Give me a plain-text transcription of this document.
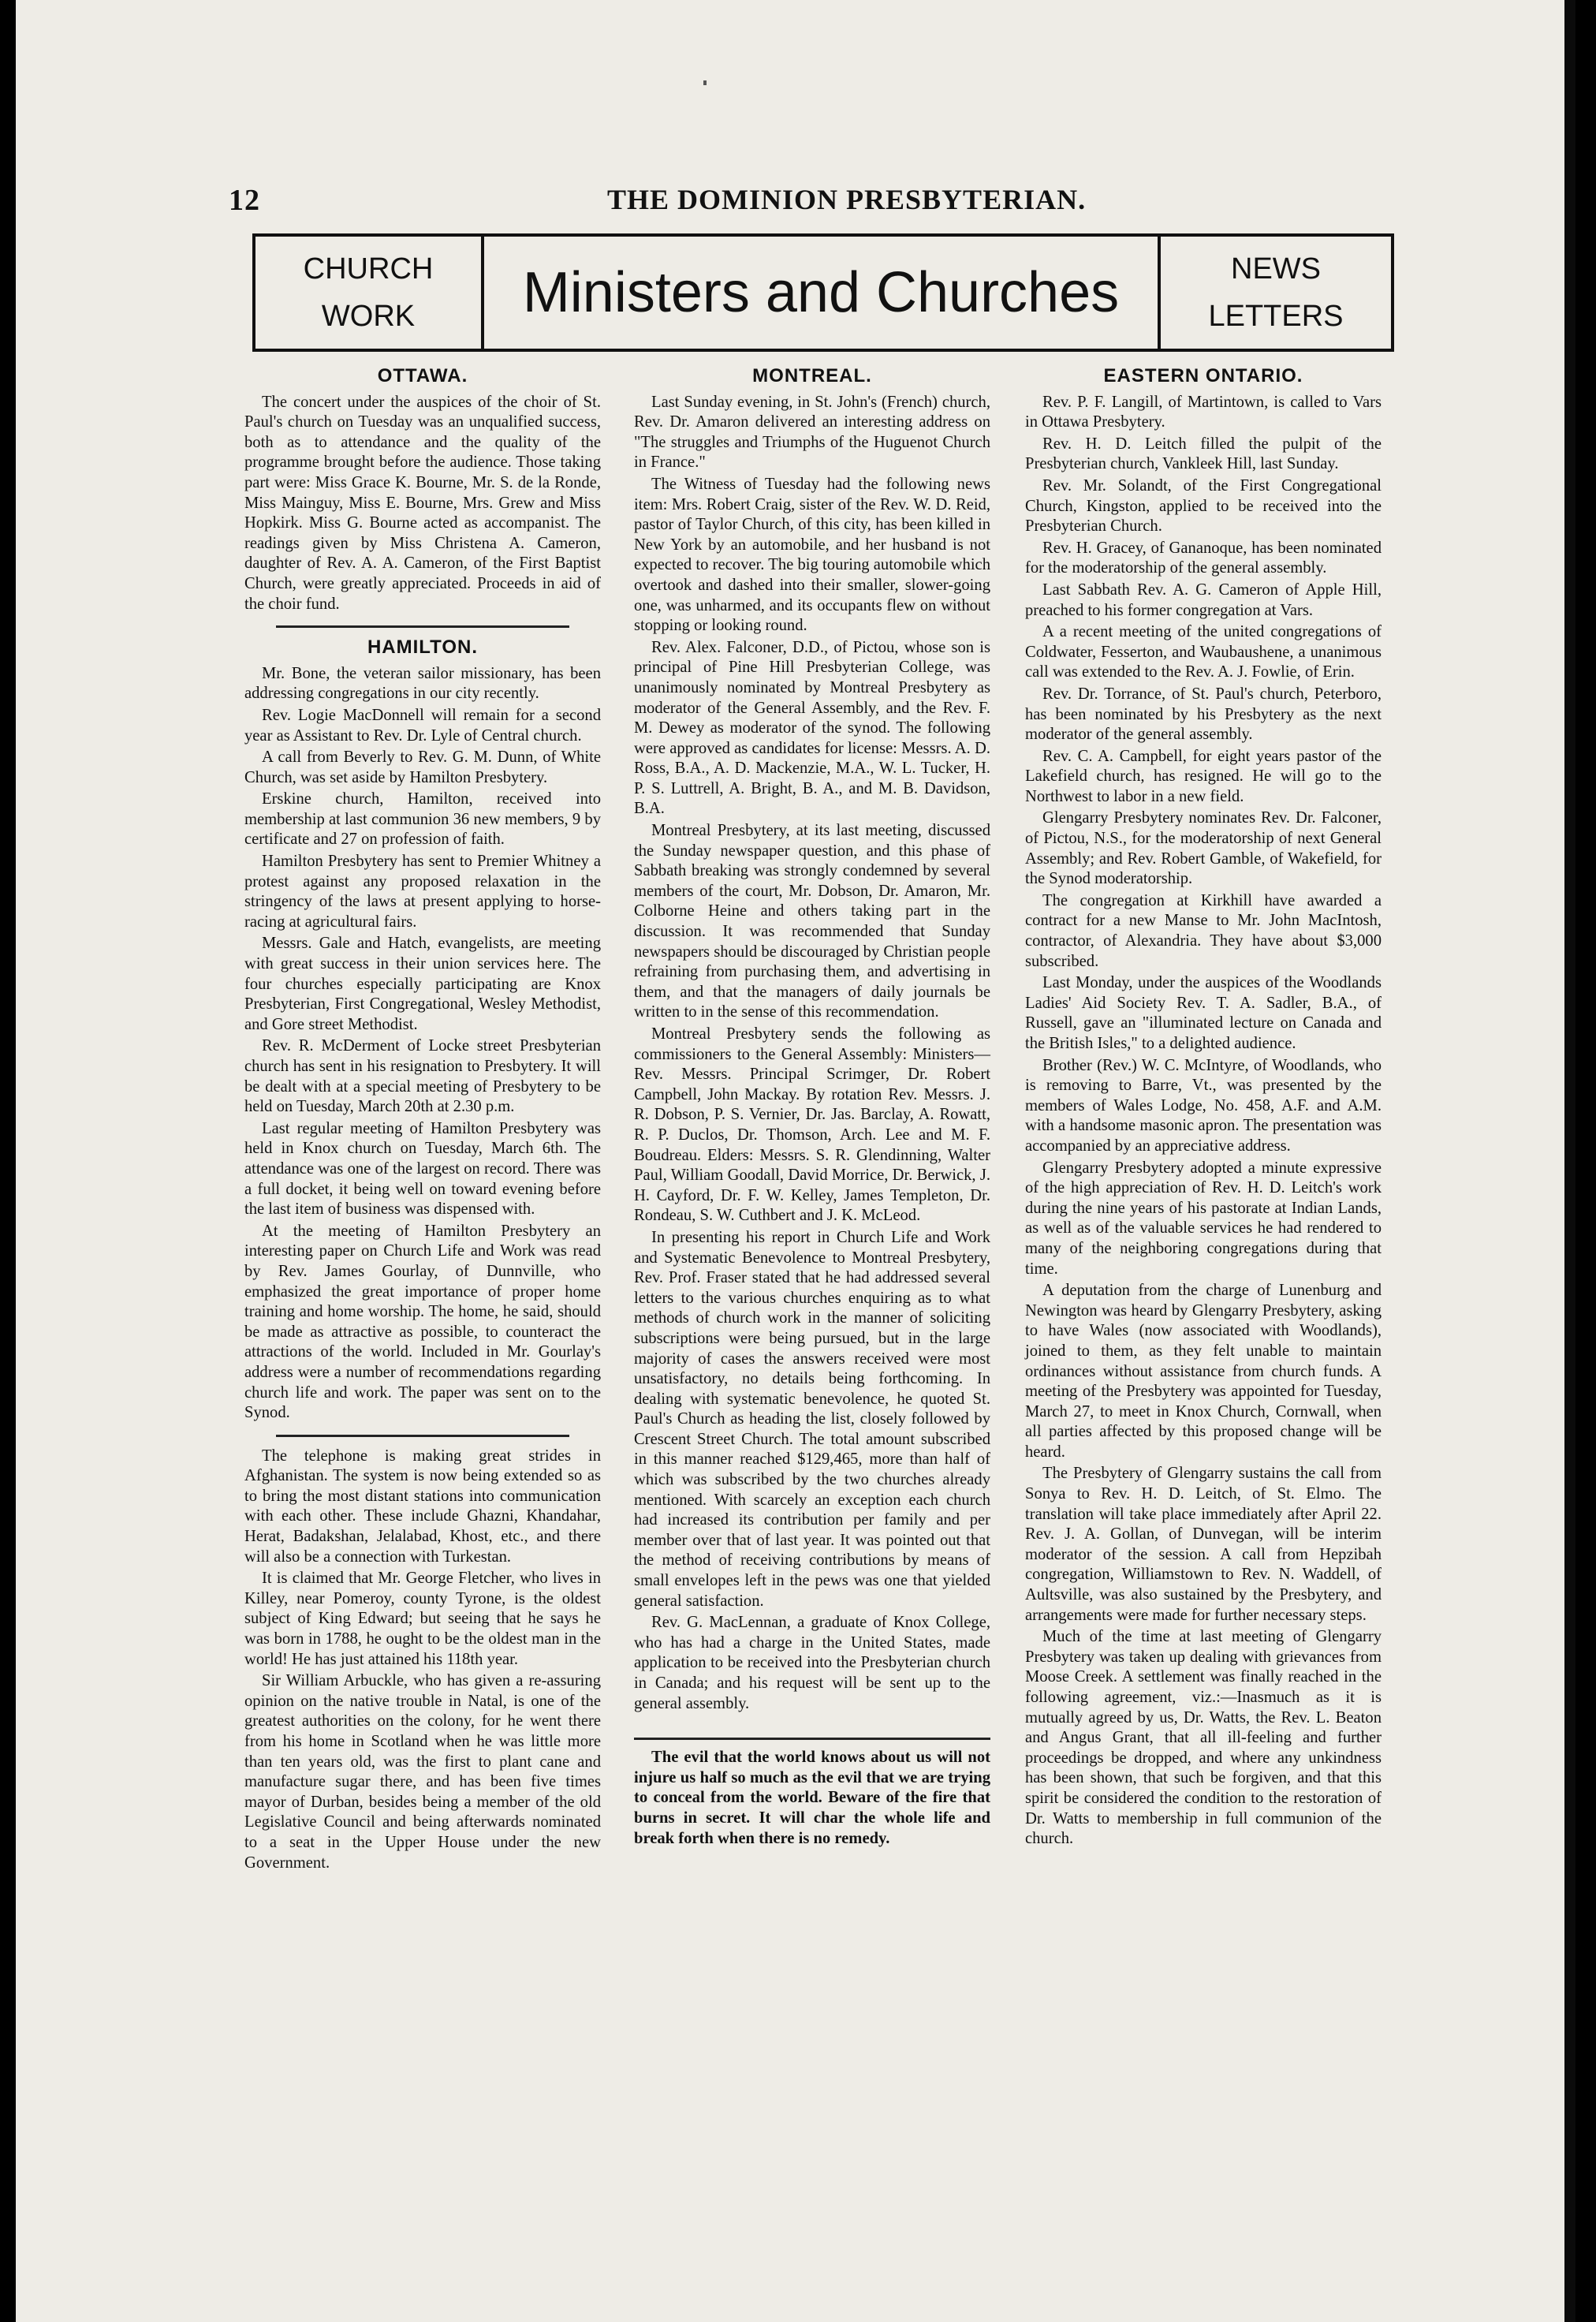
12	THE DOMINION PRESBYTERIAN.
CHURCH
WORK	Ministers and Churches	NEWS
LETTERS
OTTAWA.

The concert under the auspices of the choir of St. Paul's church on Tuesday was an unqualified success, both as to attendance and the quality of the programme brought before the audience. Those taking part were: Miss Grace K. Bourne, Mr. S. de la Ronde, Miss Mainguy, Miss E. Bourne, Mrs. Grew and Miss Hopkirk. Miss G. Bourne acted as accompanist. The readings given by Miss Christena A. Cameron, daughter of Rev. A. A. Cameron, of the First Baptist Church, were greatly appreciated. Proceeds in aid of the choir fund.

HAMILTON.

Mr. Bone, the veteran sailor missionary, has been addressing congregations in our city recently.

Rev. Logie MacDonnell will remain for a second year as Assistant to Rev. Dr. Lyle of Central church.

A call from Beverly to Rev. G. M. Dunn, of White Church, was set aside by Hamilton Presbytery.

Erskine church, Hamilton, received into membership at last communion 36 new members, 9 by certificate and 27 on profession of faith.

Hamilton Presbytery has sent to Premier Whitney a protest against any proposed relaxation in the stringency of the laws at present applying to horse-racing at agricultural fairs.

Messrs. Gale and Hatch, evangelists, are meeting with great success in their union services here. The four churches especially participating are Knox Presbyterian, First Congregational, Wesley Methodist, and Gore street Methodist.

Rev. R. McDerment of Locke street Presbyterian church has sent in his resignation to Presbytery. It will be dealt with at a special meeting of Presbytery to be held on Tuesday, March 20th at 2.30 p.m.

Last regular meeting of Hamilton Presbytery was held in Knox church on Tuesday, March 6th. The attendance was one of the largest on record. There was a full docket, it being well on toward evening before the last item of business was dispensed with.

At the meeting of Hamilton Presbytery an interesting paper on Church Life and Work was read by Rev. James Gourlay, of Dunnville, who emphasized the great importance of proper home training and home worship. The home, he said, should be made as attractive as possible, to counteract the attractions of the world. Included in Mr. Gourlay's address were a number of recommendations regarding church life and work. The paper was sent on to the Synod.

The telephone is making great strides in Afghanistan. The system is now being extended so as to bring the most distant stations into communication with each other. These include Ghazni, Khandahar, Herat, Badakshan, Jelalabad, Khost, etc., and there will also be a connection with Turkestan.

It is claimed that Mr. George Fletcher, who lives in Killey, near Pomeroy, county Tyrone, is the oldest subject of King Edward; but seeing that he says he was born in 1788, he ought to be the oldest man in the world! He has just attained his 118th year.

Sir William Arbuckle, who has given a re-assuring opinion on the native trouble in Natal, is one of the greatest authorities on the colony, for he went there from his home in Scotland when he was little more than ten years old, was the first to plant cane and manufacture sugar there, and has been five times mayor of Durban, besides being a member of the old Legislative Council and being afterwards nominated to a seat in the Upper House under the new Government.

MONTREAL.

Last Sunday evening, in St. John's (French) church, Rev. Dr. Amaron delivered an interesting address on "The struggles and Triumphs of the Huguenot Church in France."

The Witness of Tuesday had the following news item: Mrs. Robert Craig, sister of the Rev. W. D. Reid, pastor of Taylor Church, of this city, has been killed in New York by an automobile, and her husband is not expected to recover. The big touring automobile which overtook and dashed into their smaller, slower-going one, was unharmed, and its occupants flew on without stopping or looking round.

Rev. Alex. Falconer, D.D., of Pictou, whose son is principal of Pine Hill Presbyterian College, was unanimously nominated by Montreal Presbytery as moderator of the General Assembly, and the Rev. F. M. Dewey as moderator of the synod. The following were approved as candidates for license: Messrs. A. D. Ross, B.A., A. D. Mackenzie, M.A., W. L. Tucker, H. P. S. Luttrell, A. Bright, B. A., and M. B. Davidson, B.A.

Montreal Presbytery, at its last meeting, discussed the Sunday newspaper question, and this phase of Sabbath breaking was strongly condemned by several members of the court, Mr. Dobson, Dr. Amaron, Mr. Colborne Heine and others taking part in the discussion. It was recommended that Sunday newspapers should be discouraged by Christian people refraining from purchasing them, and advertising in them, and that the managers of daily journals be written to in the sense of this recommendation.

Montreal Presbytery sends the following as commissioners to the General Assembly: Ministers—Rev. Messrs. Principal Scrimger, Dr. Robert Campbell, John Mackay. By rotation Rev. Messrs. J. R. Dobson, P. S. Vernier, Dr. Jas. Barclay, A. Rowatt, R. P. Duclos, Dr. Thomson, Arch. Lee and M. F. Boudreau. Elders: Messrs. S. R. Glendinning, Walter Paul, William Goodall, David Morrice, Dr. Berwick, J. H. Cayford, Dr. F. W. Kelley, James Templeton, Dr. Rondeau, S. W. Cuthbert and J. K. McLeod.

In presenting his report in Church Life and Work and Systematic Benevolence to Montreal Presbytery, Rev. Prof. Fraser stated that he had addressed several letters to the various churches enquiring as to what methods of church work in the manner of soliciting subscriptions were being pursued, but in the large majority of cases the answers received were most unsatisfactory, no details being forthcoming. In dealing with systematic benevolence, he quoted St. Paul's Church as heading the list, closely followed by Crescent Street Church. The total amount subscribed in this manner reached $129,465, more than half of which was subscribed by the two churches already mentioned. With scarcely an exception each church had increased its contribution per family and per member over that of last year. It was pointed out that the method of receiving contributions by means of small envelopes left in the pews was one that yielded general satisfaction.

Rev. G. MacLennan, a graduate of Knox College, who has had a charge in the United States, made application to be received into the Presbyterian church in Canada; and his request will be sent up to the general assembly.

The evil that the world knows about us will not injure us half so much as the evil that we are trying to conceal from the world. Beware of the fire that burns in secret. It will char the whole life and break forth when there is no remedy.

EASTERN ONTARIO.

Rev. P. F. Langill, of Martintown, is called to Vars in Ottawa Presbytery.

Rev. H. D. Leitch filled the pulpit of the Presbyterian church, Vankleek Hill, last Sunday.

Rev. Mr. Solandt, of the First Congregational Church, Kingston, applied to be received into the Presbyterian Church.

Rev. H. Gracey, of Gananoque, has been nominated for the moderatorship of the general assembly.

Last Sabbath Rev. A. G. Cameron of Apple Hill, preached to his former congregation at Vars.

A a recent meeting of the united congregations of Coldwater, Fesserton, and Waubaushene, a unanimous call was extended to the Rev. A. J. Fowlie, of Erin.

Rev. Dr. Torrance, of St. Paul's church, Peterboro, has been nominated by his Presbytery as the next moderator of the general assembly.

Rev. C. A. Campbell, for eight years pastor of the Lakefield church, has resigned. He will go to the Northwest to labor in a new field.

Glengarry Presbytery nominates Rev. Dr. Falconer, of Pictou, N.S., for the moderatorship of next General Assembly; and Rev. Robert Gamble, of Wakefield, for the Synod moderatorship.

The congregation at Kirkhill have awarded a contract for a new Manse to Mr. John MacIntosh, contractor, of Alexandria. They have about $3,000 subscribed.

Last Monday, under the auspices of the Woodlands Ladies' Aid Society Rev. T. A. Sadler, B.A., of Russell, gave an "illuminated lecture on Canada and the British Isles," to a delighted audience.

Brother (Rev.) W. C. McIntyre, of Woodlands, who is removing to Barre, Vt., was presented by the members of Wales Lodge, No. 458, A.F. and A.M. with a handsome masonic apron. The presentation was accompanied by an appreciative address.

Glengarry Presbytery adopted a minute expressive of the high appreciation of Rev. H. D. Leitch's work during the nine years of his pastorate at Indian Lands, as well as of the valuable services he had rendered to many of the neighboring congregations during that time.

A deputation from the charge of Lunenburg and Newington was heard by Glengarry Presbytery, asking to have Wales (now associated with Woodlands), joined to them, as they felt unable to maintain ordinances without assistance from church funds. A meeting of the Presbytery was appointed for Tuesday, March 27, to meet in Knox Church, Cornwall, when all parties affected by this proposed change will be heard.

The Presbytery of Glengarry sustains the call from Sonya to Rev. H. D. Leitch, of St. Elmo. The translation will take place immediately after April 22. Rev. J. A. Gollan, of Dunvegan, will be interim moderator of the session. A call from Hepzibah congregation, Williamstown to Rev. N. Waddell, of Aultsville, was also sustained by the Presbytery, and arrangements were made for further necessary steps.

Much of the time at last meeting of Glengarry Presbytery was taken up dealing with grievances from Moose Creek. A settlement was finally reached in the following agreement, viz.:—Inasmuch as it is mutually agreed by us, Dr. Watts, the Rev. L. Beaton and Angus Grant, that all ill-feeling and further proceedings be dropped, and where any unkindness has been shown, that such be forgiven, and that this spirit be considered the condition to the restoration of Dr. Watts to membership in full communion of the church.
